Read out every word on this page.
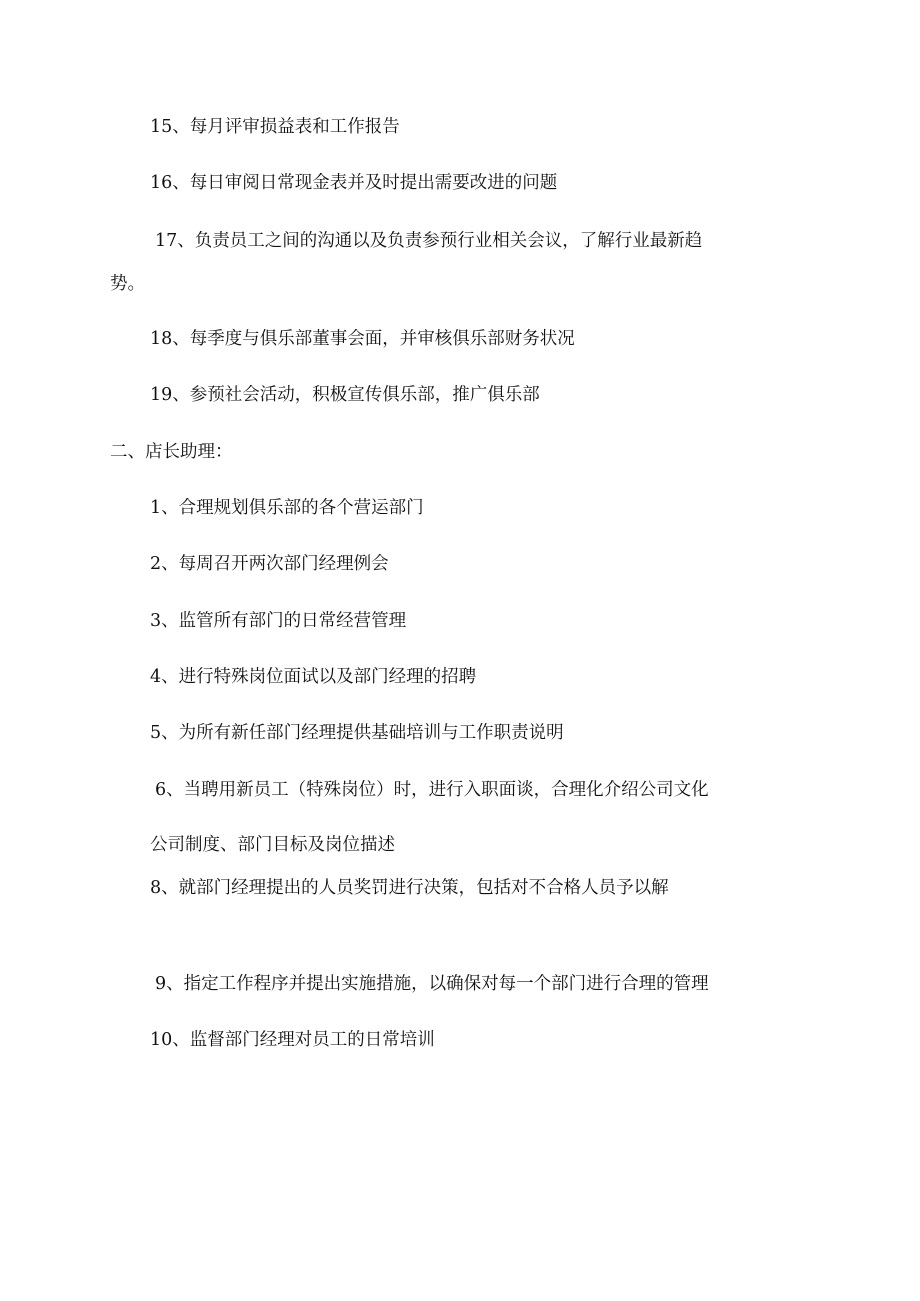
15、每月评审损益表和工作报告
16、每日审阅日常现金表并及时提出需要改进的问题
17、负责员工之间的沟通以及负责参预行业相关会议，了解行业最新趋
势。
18、每季度与俱乐部董事会面，并审核俱乐部财务状况
19、参预社会活动，积极宣传俱乐部，推广俱乐部
二、店长助理：
1、合理规划俱乐部的各个营运部门
2、每周召开两次部门经理例会
3、监管所有部门的日常经营管理
4、进行特殊岗位面试以及部门经理的招聘
5、为所有新任部门经理提供基础培训与工作职责说明
6、当聘用新员工（特殊岗位）时，进行入职面谈，合理化介绍公司文化
公司制度、部门目标及岗位描述
8、就部门经理提出的人员奖罚进行决策，包括对不合格人员予以解
9、指定工作程序并提出实施措施，以确保对每一个部门进行合理的管理
10、监督部门经理对员工的日常培训
